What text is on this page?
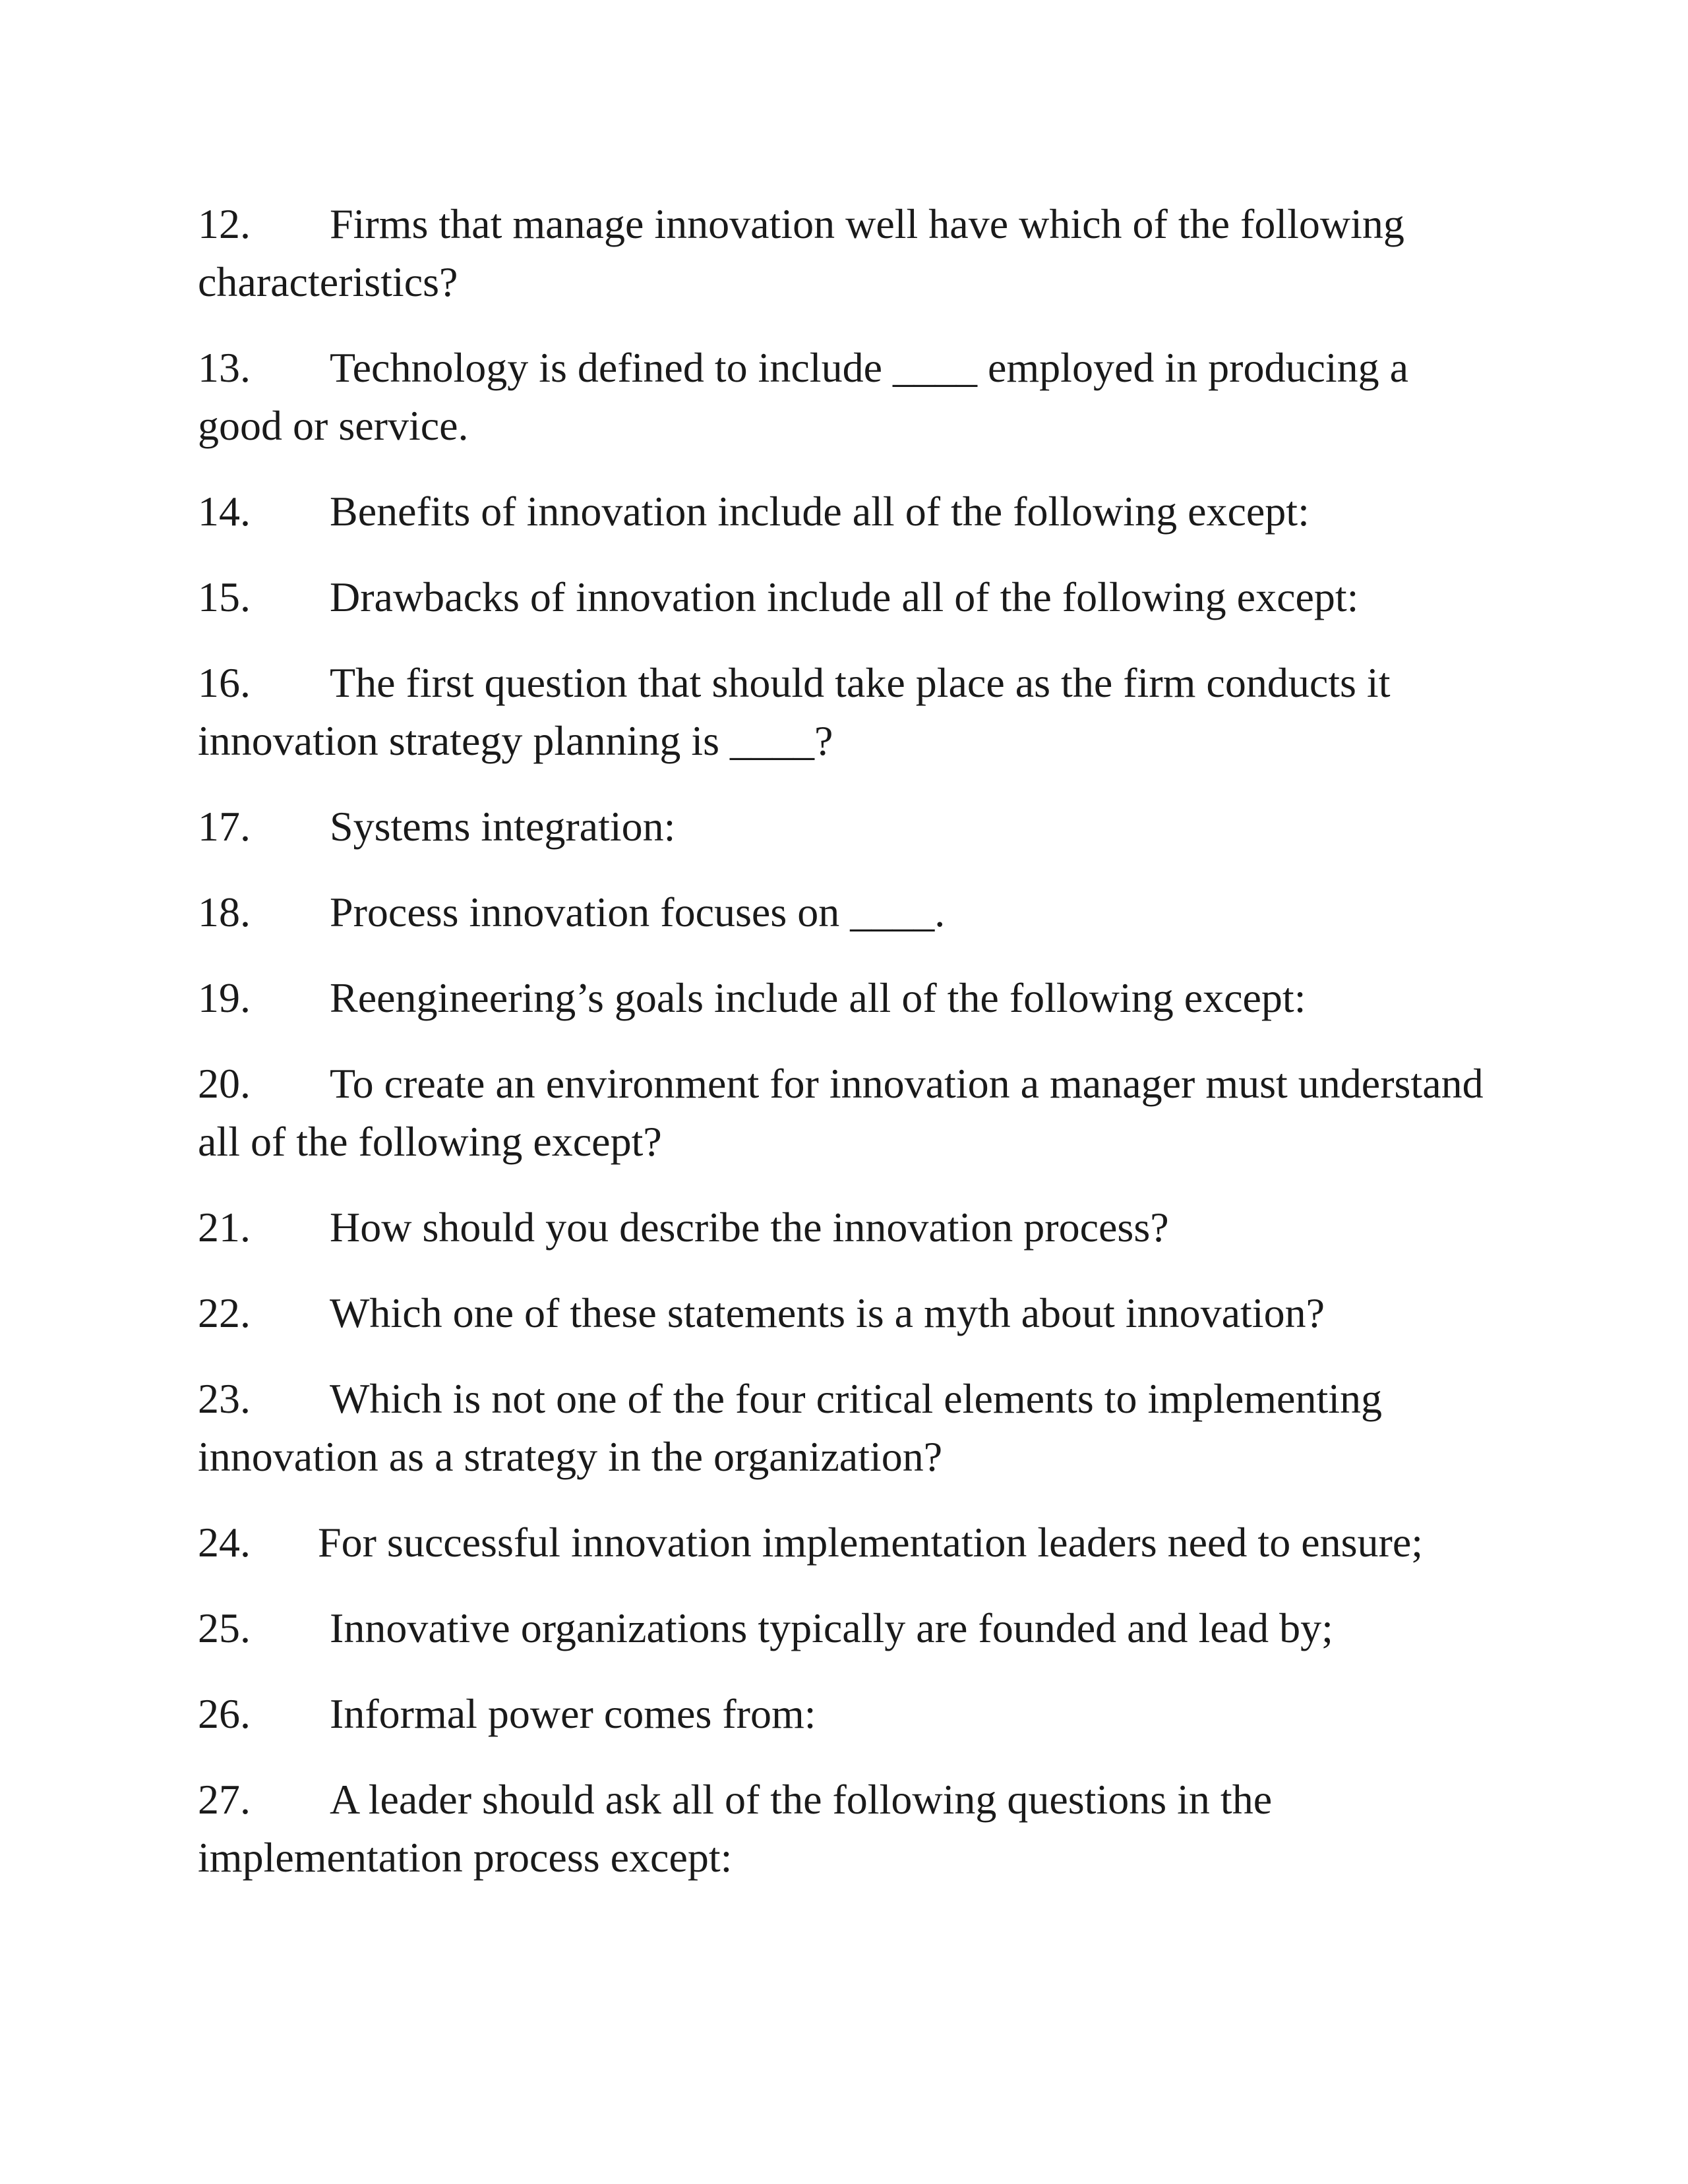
12. Firms that manage innovation well have which of the following characteristics?
13. Technology is defined to include ____ employed in producing a good or service.
14. Benefits of innovation include all of the following except:
15. Drawbacks of innovation include all of the following except:
16. The first question that should take place as the firm conducts it innovation strategy planning is ____?
17. Systems integration:
18. Process innovation focuses on ____.
19. Reengineering’s goals include all of the following except:
20. To create an environment for innovation a manager must understand all of the following except?
21. How should you describe the innovation process?
22. Which one of these statements is a myth about innovation?
23. Which is not one of the four critical elements to implementing innovation as a strategy in the organization?
24. For successful innovation implementation leaders need to ensure;
25. Innovative organizations typically are founded and lead by;
26. Informal power comes from:
27. A leader should ask all of the following questions in the implementation process except:
